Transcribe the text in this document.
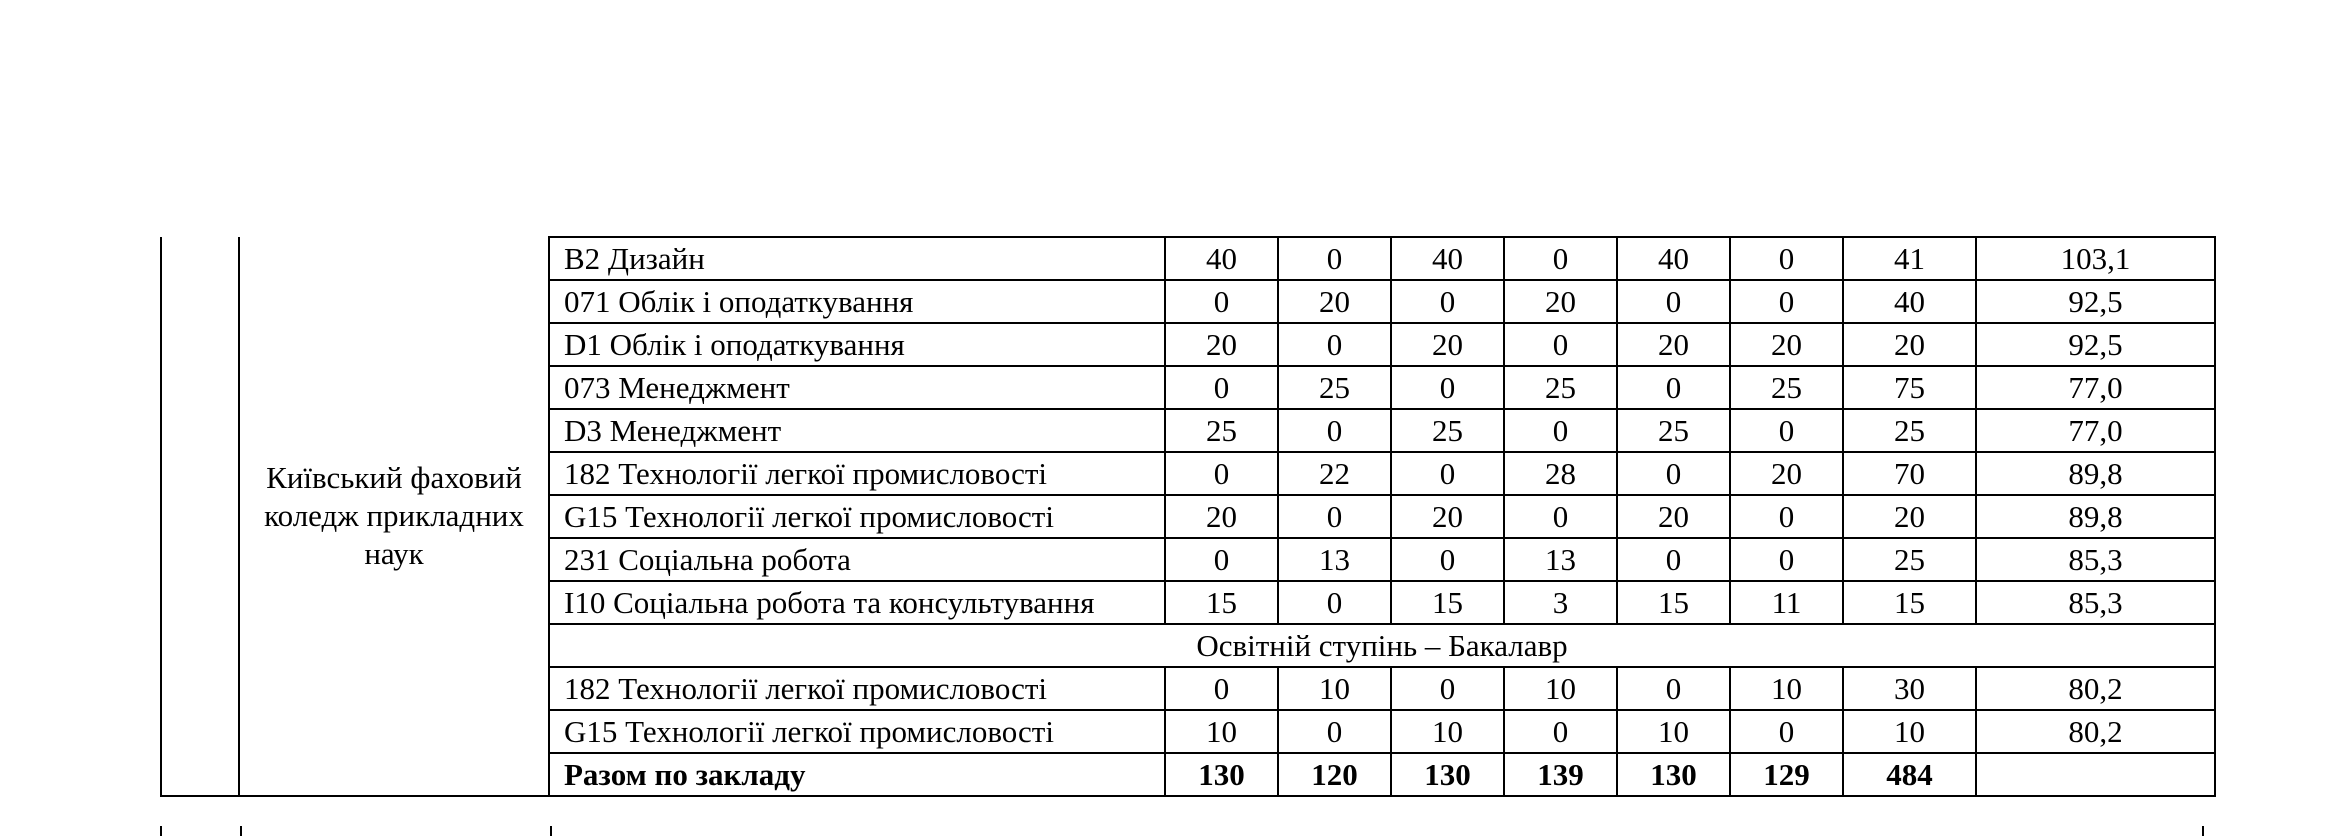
	Київський фаховий коледж прикладних наук	B2 Дизайн	40	0	40	0	40	0	41	103,1
		071 Облік і оподаткування	0	20	0	20	0	0	40	92,5
		D1 Облік і оподаткування	20	0	20	0	20	20	20	92,5
		073 Менеджмент	0	25	0	25	0	25	75	77,0
		D3 Менеджмент	25	0	25	0	25	0	25	77,0
		182 Технології легкої промисловості	0	22	0	28	0	20	70	89,8
		G15 Технології легкої промисловості	20	0	20	0	20	0	20	89,8
		231 Соціальна робота	0	13	0	13	0	0	25	85,3
		I10 Соціальна робота та консультування	15	0	15	3	15	11	15	85,3
		Освітній ступінь – Бакалавр								
		182 Технології легкої промисловості	0	10	0	10	0	10	30	80,2
		G15 Технології легкої промисловості	10	0	10	0	10	0	10	80,2
		Разом по закладу	130	120	130	139	130	129	484	
